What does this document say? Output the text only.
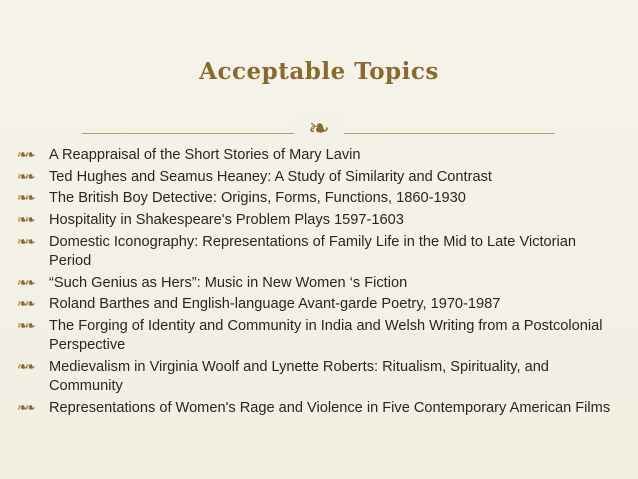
Acceptable Topics
❧
❧❧ A Reappraisal of the Short Stories of Mary Lavin
❧❧ Ted Hughes and Seamus Heaney: A Study of Similarity and Contrast
❧❧ The British Boy Detective: Origins, Forms, Functions, 1860-1930
❧❧ Hospitality in Shakespeare's Problem Plays 1597-1603
❧❧ Domestic Iconography: Representations of Family Life in the Mid to Late Victorian Period
❧❧ “Such Genius as Hers”: Music in New Women ‘s Fiction
❧❧ Roland Barthes and English-language Avant-garde Poetry, 1970-1987
❧❧ The Forging of Identity and Community in India and Welsh Writing from a Postcolonial Perspective
❧❧ Medievalism in Virginia Woolf and Lynette Roberts: Ritualism, Spirituality, and Community
❧❧ Representations of Women's Rage and Violence in Five Contemporary American Films
